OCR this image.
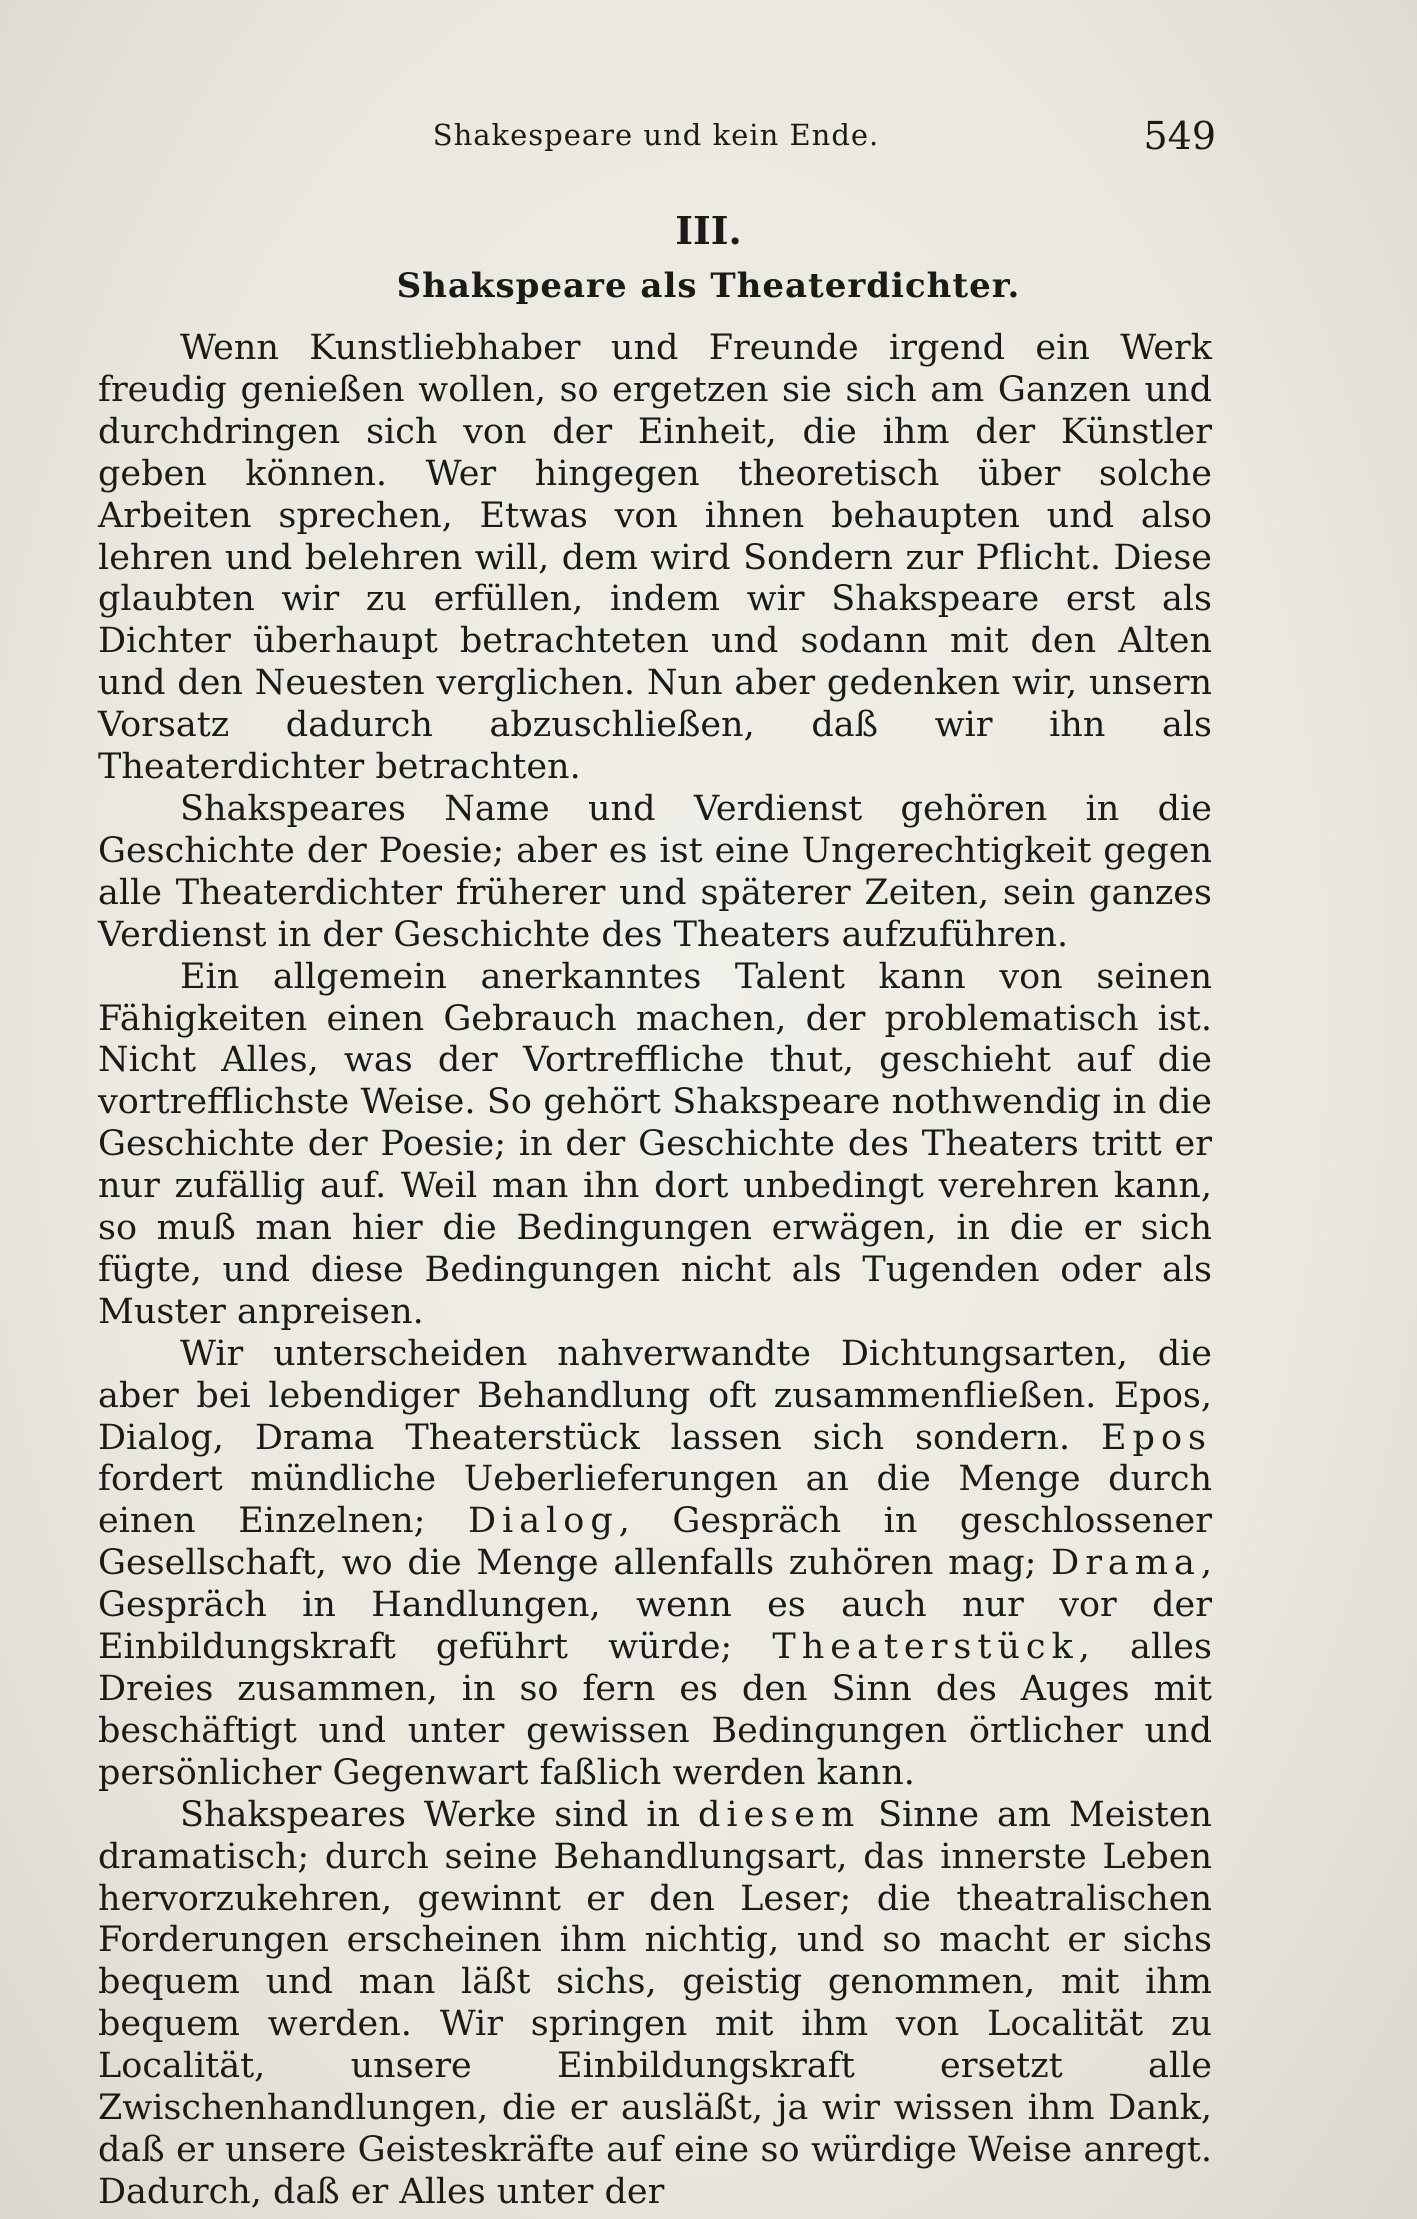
Shakespeare und kein Ende.	549
III.
Shakspeare als Theaterdichter.

Wenn Kunstliebhaber und Freunde irgend ein Werk freudig genießen wollen, so ergetzen sie sich am Ganzen und durchdringen sich von der Einheit, die ihm der Künstler geben können. Wer hingegen theoretisch über solche Arbeiten sprechen, Etwas von ihnen behaupten und also lehren und belehren will, dem wird Sondern zur Pflicht. Diese glaubten wir zu erfüllen, indem wir Shakspeare erst als Dichter überhaupt betrachteten und sodann mit den Alten und den Neuesten verglichen. Nun aber gedenken wir, unsern Vorsatz dadurch abzuschließen, daß wir ihn als Theaterdichter betrachten.

Shakspeares Name und Verdienst gehören in die Geschichte der Poesie; aber es ist eine Ungerechtigkeit gegen alle Theaterdichter früherer und späterer Zeiten, sein ganzes Verdienst in der Geschichte des Theaters aufzuführen.

Ein allgemein anerkanntes Talent kann von seinen Fähigkeiten einen Gebrauch machen, der problematisch ist. Nicht Alles, was der Vortreffliche thut, geschieht auf die vortrefflichste Weise. So gehört Shakspeare nothwendig in die Geschichte der Poesie; in der Geschichte des Theaters tritt er nur zufällig auf. Weil man ihn dort unbedingt verehren kann, so muß man hier die Bedingungen erwägen, in die er sich fügte, und diese Bedingungen nicht als Tugenden oder als Muster anpreisen.

Wir unterscheiden nahverwandte Dichtungsarten, die aber bei lebendiger Behandlung oft zusammenfließen. Epos, Dialog, Drama Theaterstück lassen sich sondern. Epos fordert mündliche Ueberlieferungen an die Menge durch einen Einzelnen; Dialog, Gespräch in geschlossener Gesellschaft, wo die Menge allenfalls zuhören mag; Drama, Gespräch in Handlungen, wenn es auch nur vor der Einbildungskraft geführt würde; Theaterstück, alles Dreies zusammen, in so fern es den Sinn des Auges mit beschäftigt und unter gewissen Bedingungen örtlicher und persönlicher Gegenwart faßlich werden kann.

Shakspeares Werke sind in diesem Sinne am Meisten dramatisch; durch seine Behandlungsart, das innerste Leben hervorzukehren, gewinnt er den Leser; die theatralischen Forderungen erscheinen ihm nichtig, und so macht er sichs bequem und man läßt sichs, geistig genommen, mit ihm bequem werden. Wir springen mit ihm von Localität zu Localität, unsere Einbildungskraft ersetzt alle Zwischenhandlungen, die er ausläßt, ja wir wissen ihm Dank, daß er unsere Geisteskräfte auf eine so würdige Weise anregt. Dadurch, daß er Alles unter der
